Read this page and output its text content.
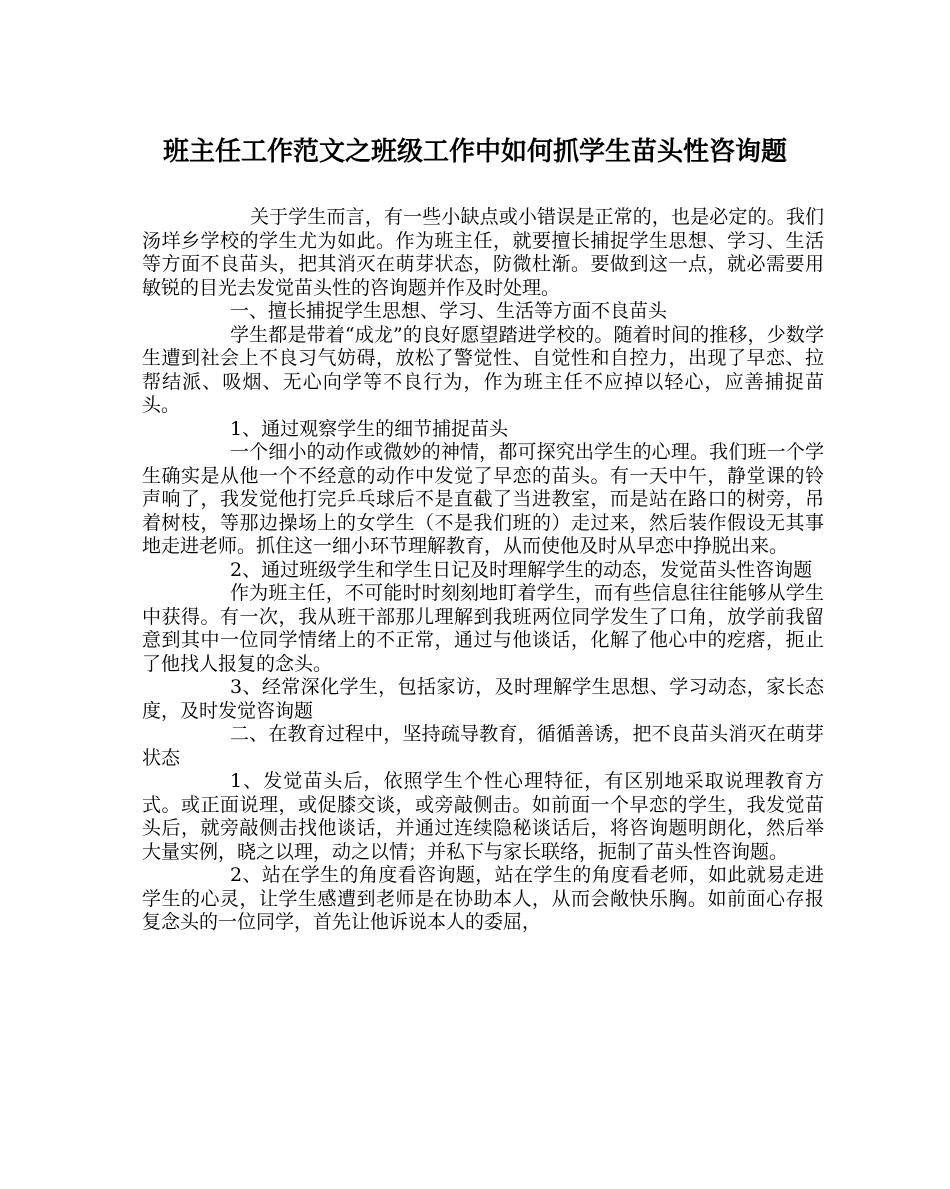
班主任工作范文之班级工作中如何抓学生苗头性咨询题

关于学生而言，有一些小缺点或小错误是正常的，也是必定的。我们汤垟乡学校的学生尤为如此。作为班主任，就要擅长捕捉学生思想、学习、生活等方面不良苗头，把其消灭在萌芽状态，防微杜渐。要做到这一点，就必需要用敏锐的目光去发觉苗头性的咨询题并作及时处理。

一、擅长捕捉学生思想、学习、生活等方面不良苗头

学生都是带着“成龙”的良好愿望踏进学校的。随着时间的推移，少数学生遭到社会上不良习气妨碍，放松了警觉性、自觉性和自控力，出现了早恋、拉帮结派、吸烟、无心向学等不良行为，作为班主任不应掉以轻心，应善捕捉苗头。

1、通过观察学生的细节捕捉苗头

一个细小的动作或微妙的神情，都可探究出学生的心理。我们班一个学生确实是从他一个不经意的动作中发觉了早恋的苗头。有一天中午，静堂课的铃声响了，我发觉他打完乒乓球后不是直截了当进教室，而是站在路口的树旁，吊着树枝，等那边操场上的女学生（不是我们班的）走过来，然后装作假设无其事地走进老师。抓住这一细小环节理解教育，从而使他及时从早恋中挣脱出来。

2、通过班级学生和学生日记及时理解学生的动态，发觉苗头性咨询题

作为班主任，不可能时时刻刻地盯着学生，而有些信息往往能够从学生中获得。有一次，我从班干部那儿理解到我班两位同学发生了口角，放学前我留意到其中一位同学情绪上的不正常，通过与他谈话，化解了他心中的疙瘩，扼止了他找人报复的念头。

3、经常深化学生，包括家访，及时理解学生思想、学习动态，家长态度，及时发觉咨询题

二、在教育过程中，坚持疏导教育，循循善诱，把不良苗头消灭在萌芽状态

1、发觉苗头后，依照学生个性心理特征，有区别地采取说理教育方式。或正面说理，或促膝交谈，或旁敲侧击。如前面一个早恋的学生，我发觉苗头后，就旁敲侧击找他谈话，并通过连续隐秘谈话后，将咨询题明朗化，然后举大量实例，晓之以理，动之以情；并私下与家长联络，扼制了苗头性咨询题。

2、站在学生的角度看咨询题，站在学生的角度看老师，如此就易走进学生的心灵，让学生感遭到老师是在协助本人，从而会敞快乐胸。如前面心存报复念头的一位同学，首先让他诉说本人的委屈，
